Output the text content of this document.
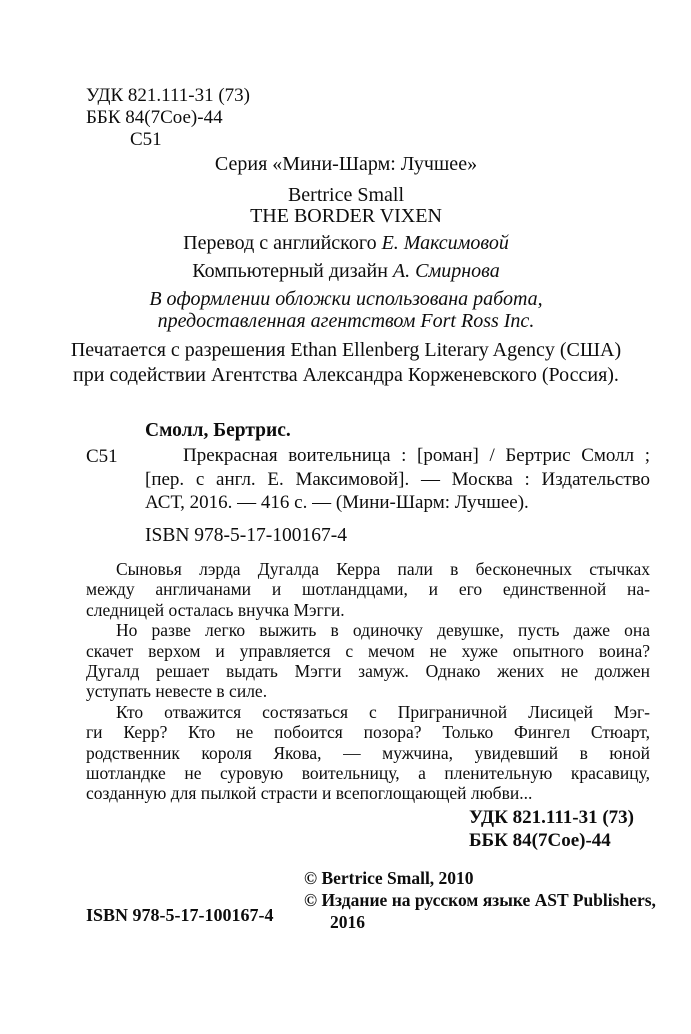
УДК 821.111-31 (73)
ББК 84(7Сое)-44
С51
Серия «Мини-Шарм: Лучшее»
Bertrice Small
THE BORDER VIXEN
Перевод с английского Е. Максимовой
Компьютерный дизайн А. Смирнова
В оформлении обложки использована работа,
предоставленная агентством Fort Ross Inc.
Печатается с разрешения Ethan Ellenberg Literary Agency (США)
при содействии Агентства Александра Корженевского (Россия).
Смолл, Бертрис.
С51	Прекрасная воительница : [роман] / Бертрис Смолл ;
[пер. с англ. Е. Максимовой]. — Москва : Издательство
АСТ, 2016. — 416 с. — (Мини-Шарм: Лучшее).
ISBN 978-5-17-100167-4
Сыновья лэрда Дугалда Керра пали в бесконечных стычках
между англичанами и шотландцами, и его единственной на-
следницей осталась внучка Мэгги.
Но разве легко выжить в одиночку девушке, пусть даже она
скачет верхом и управляется с мечом не хуже опытного воина?
Дугалд решает выдать Мэгги замуж. Однако жених не должен
уступать невесте в силе.
Кто отважится состязаться с Приграничной Лисицей Мэг-
ги Керр? Кто не побоится позора? Только Фингел Стюарт,
родственник короля Якова, — мужчина, увидевший в юной
шотландке не суровую воительницу, а пленительную красавицу,
созданную для пылкой страсти и всепоглощающей любви...
УДК 821.111-31 (73)
ББК 84(7Сое)-44
© Bertrice Small, 2010
© Издание на русском языке AST Publishers,
2016
ISBN 978-5-17-100167-4
